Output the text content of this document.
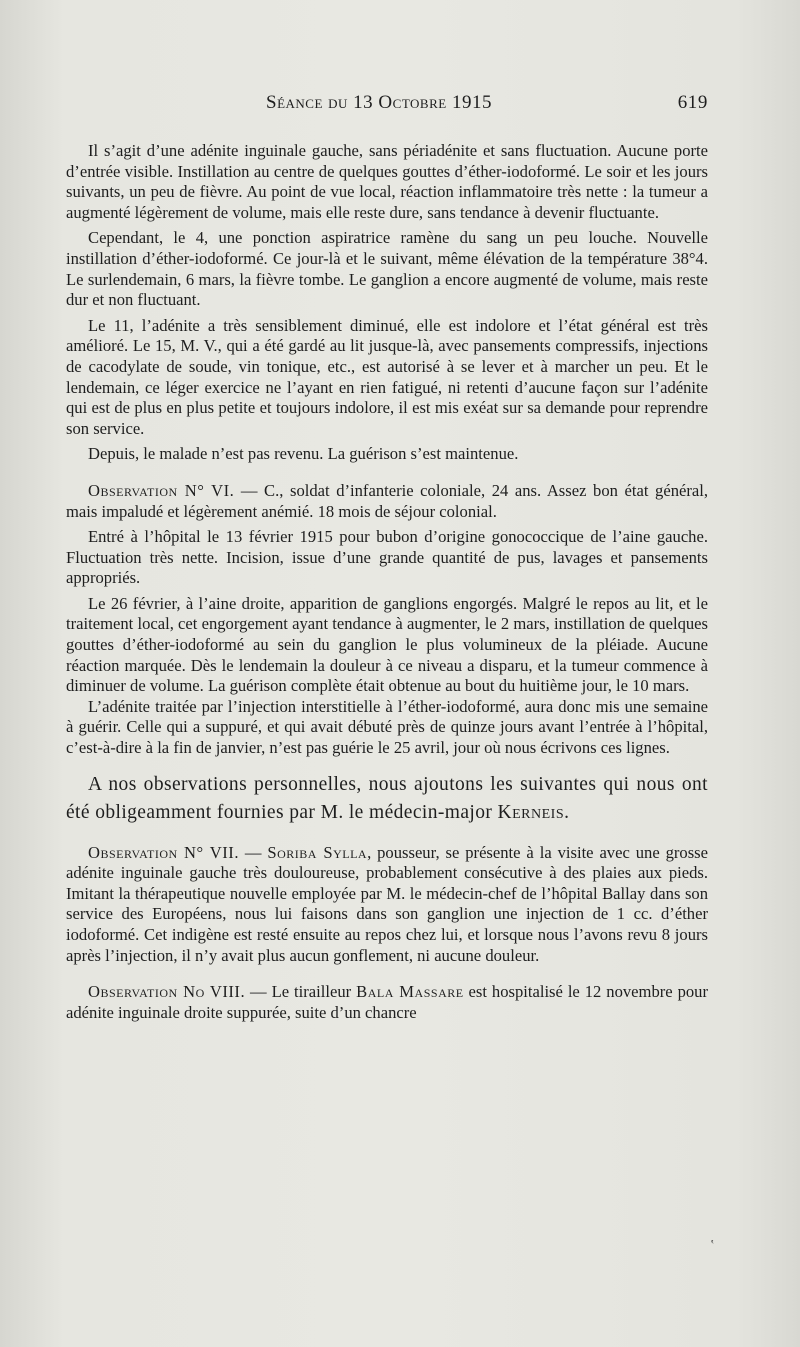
Séance du 13 Octobre 1915	619

Il s’agit d’une adénite inguinale gauche, sans périadénite et sans fluctuation. Aucune porte d’entrée visible. Instillation au centre de quelques gouttes d’éther-iodoformé. Le soir et les jours suivants, un peu de fièvre. Au point de vue local, réaction inflammatoire très nette : la tumeur a augmenté légèrement de volume, mais elle reste dure, sans tendance à devenir fluctuante.

Cependant, le 4, une ponction aspiratrice ramène du sang un peu louche. Nouvelle instillation d’éther-iodoformé. Ce jour-là et le suivant, même élévation de la température 38°4. Le surlendemain, 6 mars, la fièvre tombe. Le ganglion a encore augmenté de volume, mais reste dur et non fluctuant.

Le 11, l’adénite a très sensiblement diminué, elle est indolore et l’état général est très amélioré. Le 15, M. V., qui a été gardé au lit jusque-là, avec pansements compressifs, injections de cacodylate de soude, vin tonique, etc., est autorisé à se lever et à marcher un peu. Et le lendemain, ce léger exercice ne l’ayant en rien fatigué, ni retenti d’aucune façon sur l’adénite qui est de plus en plus petite et toujours indolore, il est mis exéat sur sa demande pour reprendre son service.

Depuis, le malade n’est pas revenu. La guérison s’est maintenue.

Observation N° VI. — C., soldat d’infanterie coloniale, 24 ans. Assez bon état général, mais impaludé et légèrement anémié. 18 mois de séjour colonial.

Entré à l’hôpital le 13 février 1915 pour bubon d’origine gonococcique de l’aine gauche. Fluctuation très nette. Incision, issue d’une grande quantité de pus, lavages et pansements appropriés.

Le 26 février, à l’aine droite, apparition de ganglions engorgés. Malgré le repos au lit, et le traitement local, cet engorgement ayant tendance à augmenter, le 2 mars, instillation de quelques gouttes d’éther-iodoformé au sein du ganglion le plus volumineux de la pléiade. Aucune réaction marquée. Dès le lendemain la douleur à ce niveau a disparu, et la tumeur commence à diminuer de volume. La guérison complète était obtenue au bout du huitième jour, le 10 mars.

L’adénite traitée par l’injection interstitielle à l’éther-iodoformé, aura donc mis une semaine à guérir. Celle qui a suppuré, et qui avait débuté près de quinze jours avant l’entrée à l’hôpital, c’est-à-dire à la fin de janvier, n’est pas guérie le 25 avril, jour où nous écrivons ces lignes.

A nos observations personnelles, nous ajoutons les suivantes qui nous ont été obligeamment fournies par M. le médecin-major Kerneis.

Observation N° VII. — Soriba Sylla, pousseur, se présente à la visite avec une grosse adénite inguinale gauche très douloureuse, probablement consécutive à des plaies aux pieds. Imitant la thérapeutique nouvelle employée par M. le médecin-chef de l’hôpital Ballay dans son service des Européens, nous lui faisons dans son ganglion une injection de 1 cc. d’éther iodoformé. Cet indigène est resté ensuite au repos chez lui, et lorsque nous l’avons revu 8 jours après l’injection, il n’y avait plus aucun gonflement, ni aucune douleur.

Observation No VIII. — Le tirailleur Bala Massare est hospitalisé le 12 novembre pour adénite inguinale droite suppurée, suite d’un chancre

‛
